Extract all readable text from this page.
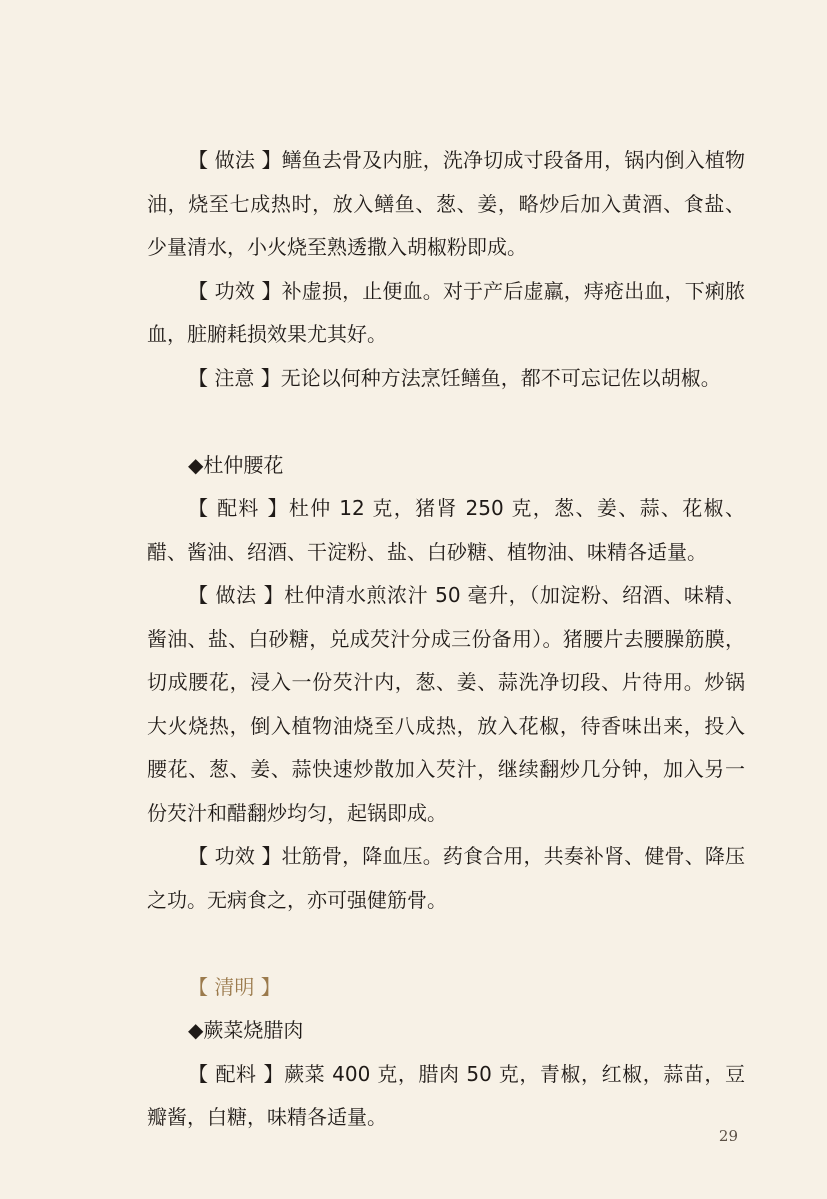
【 做法 】鳝鱼去骨及内脏，洗净切成寸段备用，锅内倒入植物油，烧至七成热时，放入鳝鱼、葱、姜，略炒后加入黄酒、食盐、少量清水，小火烧至熟透撒入胡椒粉即成。

【 功效 】补虚损，止便血。对于产后虚羸，痔疮出血，下痢脓血，脏腑耗损效果尤其好。

【 注意 】无论以何种方法烹饪鳝鱼，都不可忘记佐以胡椒。

◆杜仲腰花

【 配料 】杜仲 12 克，猪肾 250 克，葱、姜、蒜、花椒、醋、酱油、绍酒、干淀粉、盐、白砂糖、植物油、味精各适量。

【 做法 】杜仲清水煎浓汁 50 毫升，（加淀粉、绍酒、味精、酱油、盐、白砂糖，兑成芡汁分成三份备用）。猪腰片去腰臊筋膜，切成腰花，浸入一份芡汁内，葱、姜、蒜洗净切段、片待用。炒锅大火烧热，倒入植物油烧至八成热，放入花椒，待香味出来，投入腰花、葱、姜、蒜快速炒散加入芡汁，继续翻炒几分钟，加入另一份芡汁和醋翻炒均匀，起锅即成。

【 功效 】壮筋骨，降血压。药食合用，共奏补肾、健骨、降压之功。无病食之，亦可强健筋骨。

【 清明 】

◆蕨菜烧腊肉

【 配料 】蕨菜 400 克，腊肉 50 克，青椒，红椒，蒜苗，豆瓣酱，白糖，味精各适量。

29
